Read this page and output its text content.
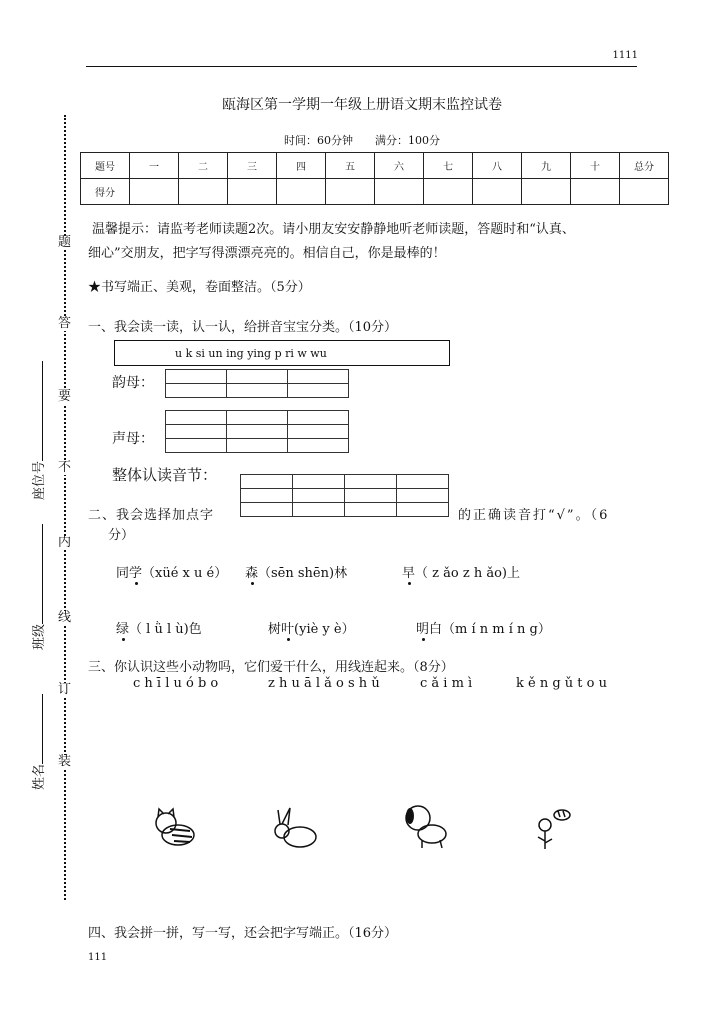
1111
题
答
要
不
内
线
订
装
座位号
班级
姓名
瓯海区第一学期一年级上册语文期末监控试卷
时间：60分钟　　满分：100分
题号	一	二	三	四	五	六	七	八	九	十	总分
得分											
温馨提示：请监考老师读题2次。请小朋友安安静静地听老师读题，答题时和“认真、
细心”交朋友，把字写得漂漂亮亮的。相信自己，你是最棒的！
★书写端正、美观，卷面整洁。（5分）
一、我会读一读，认一认，给拼音宝宝分类。（10分）
u k si un ing ying p ri w wu
韵母：

声母：

整体认读音节：

二、我会选择加点字	的正确读音打“√”。（6
分）
同学（xüé x u é） 森（sēn shēn)林	早（ z ǎo z h ǎo)上
绿（ l ǜ l ù)色	树叶(yiè y è）	明白（m í n m í n g）
三、你认识这些小动物吗，它们爱干什么，用线连起来。（8分）
c h ī l u ó b o	z h u ā l ǎ o s h ǔ	c ǎ i m ì	k ě n g ǔ t o u
四、我会拼一拼，写一写，还会把字写端正。（16分）
111
